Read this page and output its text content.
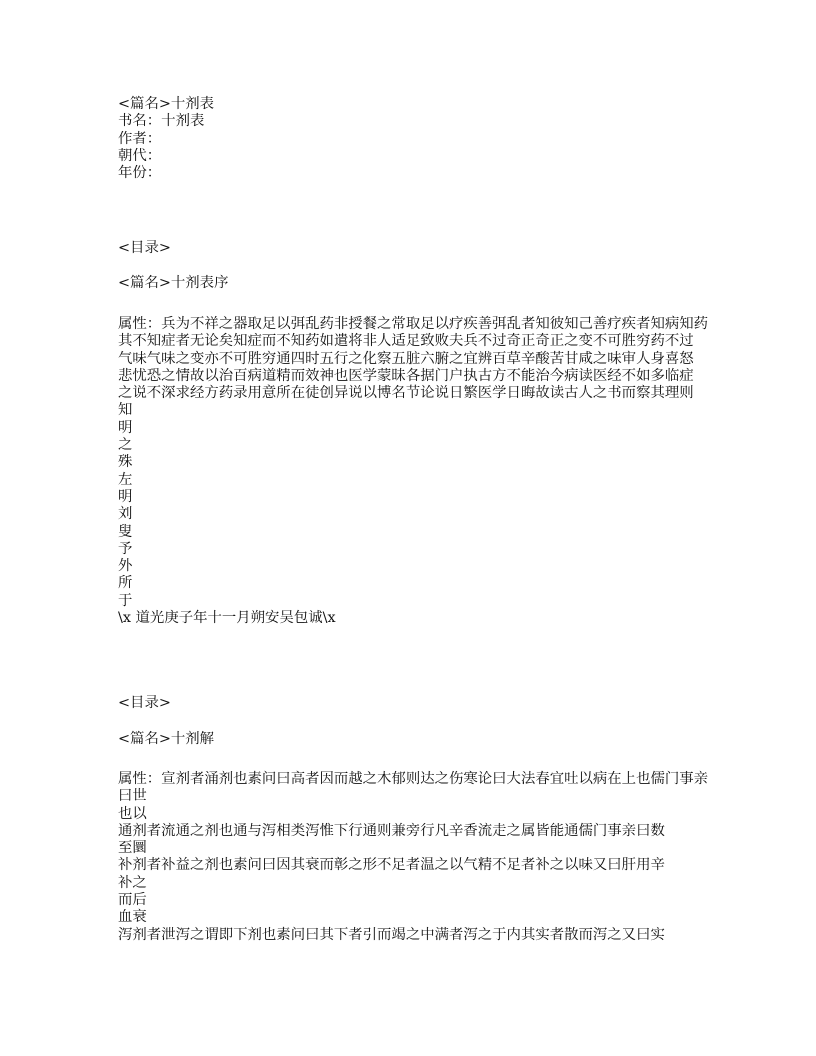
<篇名>十剂表
书名：十剂表
作者：
朝代：
年份：
<目录>
<篇名>十剂表序
属性：兵为不祥之器取足以弭乱药非授餐之常取足以疗疾善弭乱者知彼知己善疗疾者知病知药
其不知症者无论矣知症而不知药如遣将非人适足致败夫兵不过奇正奇正之变不可胜穷药不过
气味气味之变亦不可胜穷通四时五行之化察五脏六腑之宜辨百草辛酸苦甘咸之味审人身喜怒
悲忧恐之情故以治百病道精而效神也医学蒙昧各据门户执古方不能治今病读医经不如多临症
之说不深求经方药录用意所在徒创异说以博名节论说日繁医学日晦故读古人之书而察其理则
知
明
之
殊
左
明
刘
叟
予
外
所
于
\x 道光庚子年十一月朔安吴包诚\x
<目录>
<篇名>十剂解
属性：宣剂者涌剂也素问曰高者因而越之木郁则达之伤寒论曰大法春宜吐以病在上也儒门事亲
曰世
也以
通剂者流通之剂也通与泻相类泻惟下行通则兼旁行凡辛香流走之属皆能通儒门事亲曰数
至圜
补剂者补益之剂也素问曰因其衰而彰之形不足者温之以气精不足者补之以味又曰肝用辛
补之
而后
血衰
泻剂者泄泻之谓即下剂也素问曰其下者引而竭之中满者泻之于内其实者散而泻之又曰实
